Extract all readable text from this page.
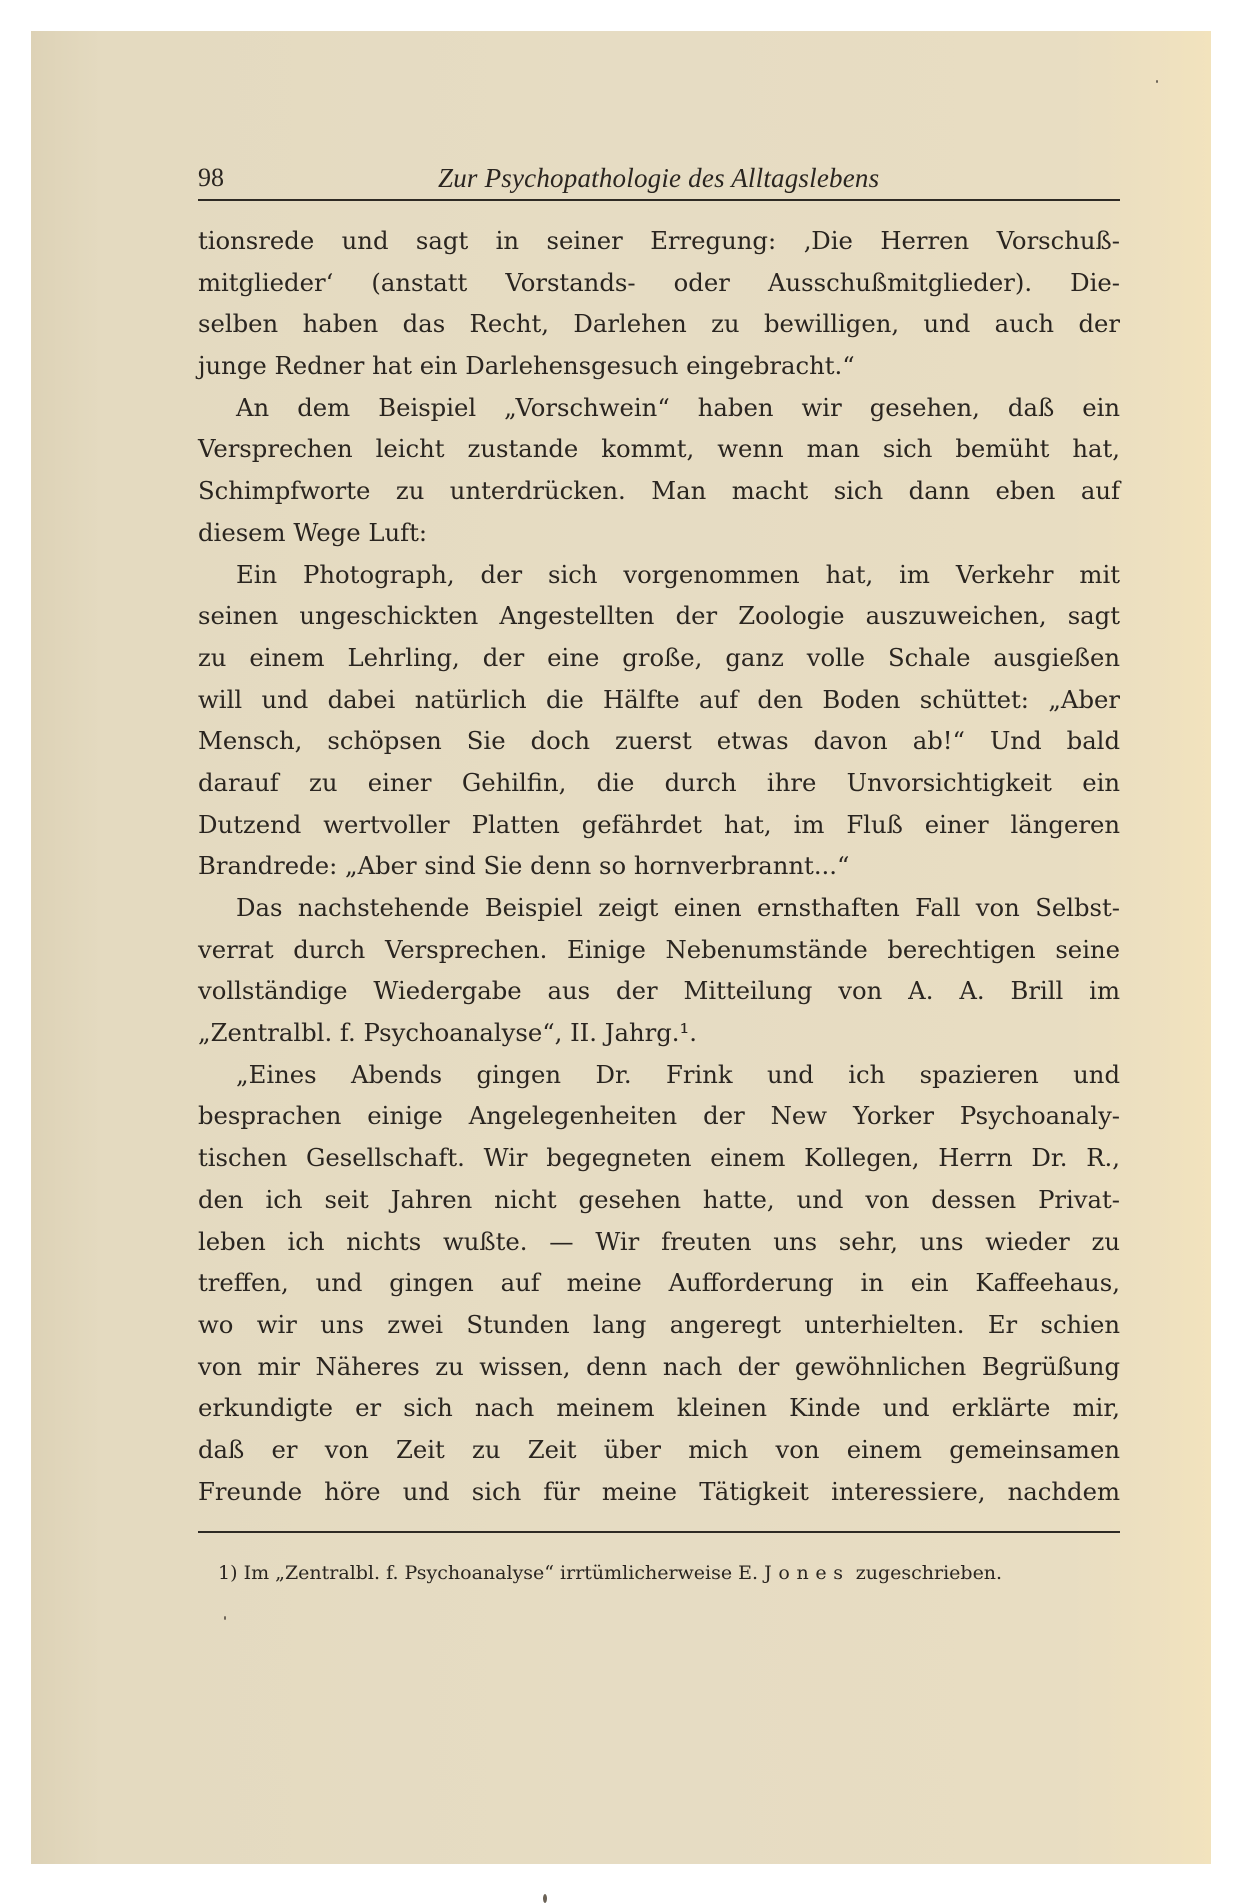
98	Zur Psychopathologie des Alltagslebens
tionsrede und sagt in seiner Erregung: ‚Die Herren Vorschuß-
mitglieder‘ (anstatt Vorstands- oder Ausschußmitglieder). Die-
selben haben das Recht, Darlehen zu bewilligen, und auch der
junge Redner hat ein Darlehensgesuch eingebracht.“
An dem Beispiel „Vorschwein“ haben wir gesehen, daß ein
Versprechen leicht zustande kommt, wenn man sich bemüht hat,
Schimpfworte zu unterdrücken. Man macht sich dann eben auf
diesem Wege Luft:
Ein Photograph, der sich vorgenommen hat, im Verkehr mit
seinen ungeschickten Angestellten der Zoologie auszuweichen, sagt
zu einem Lehrling, der eine große, ganz volle Schale ausgießen
will und dabei natürlich die Hälfte auf den Boden schüttet: „Aber
Mensch, schöpsen Sie doch zuerst etwas davon ab!“ Und bald
darauf zu einer Gehilfin, die durch ihre Unvorsichtigkeit ein
Dutzend wertvoller Platten gefährdet hat, im Fluß einer längeren
Brandrede: „Aber sind Sie denn so hornverbrannt...“
Das nachstehende Beispiel zeigt einen ernsthaften Fall von Selbst-
verrat durch Versprechen. Einige Nebenumstände berechtigen seine
vollständige Wiedergabe aus der Mitteilung von A. A. Brill im
„Zentralbl. f. Psychoanalyse“, II. Jahrg.¹.
„Eines Abends gingen Dr. Frink und ich spazieren und
besprachen einige Angelegenheiten der New Yorker Psychoanaly-
tischen Gesellschaft. Wir begegneten einem Kollegen, Herrn Dr. R.,
den ich seit Jahren nicht gesehen hatte, und von dessen Privat-
leben ich nichts wußte. — Wir freuten uns sehr, uns wieder zu
treffen, und gingen auf meine Aufforderung in ein Kaffeehaus,
wo wir uns zwei Stunden lang angeregt unterhielten. Er schien
von mir Näheres zu wissen, denn nach der gewöhnlichen Begrüßung
erkundigte er sich nach meinem kleinen Kinde und erklärte mir,
daß er von Zeit zu Zeit über mich von einem gemeinsamen
Freunde höre und sich für meine Tätigkeit interessiere, nachdem
1) Im „Zentralbl. f. Psychoanalyse“ irrtümlicherweise E. Jones zugeschrieben.
